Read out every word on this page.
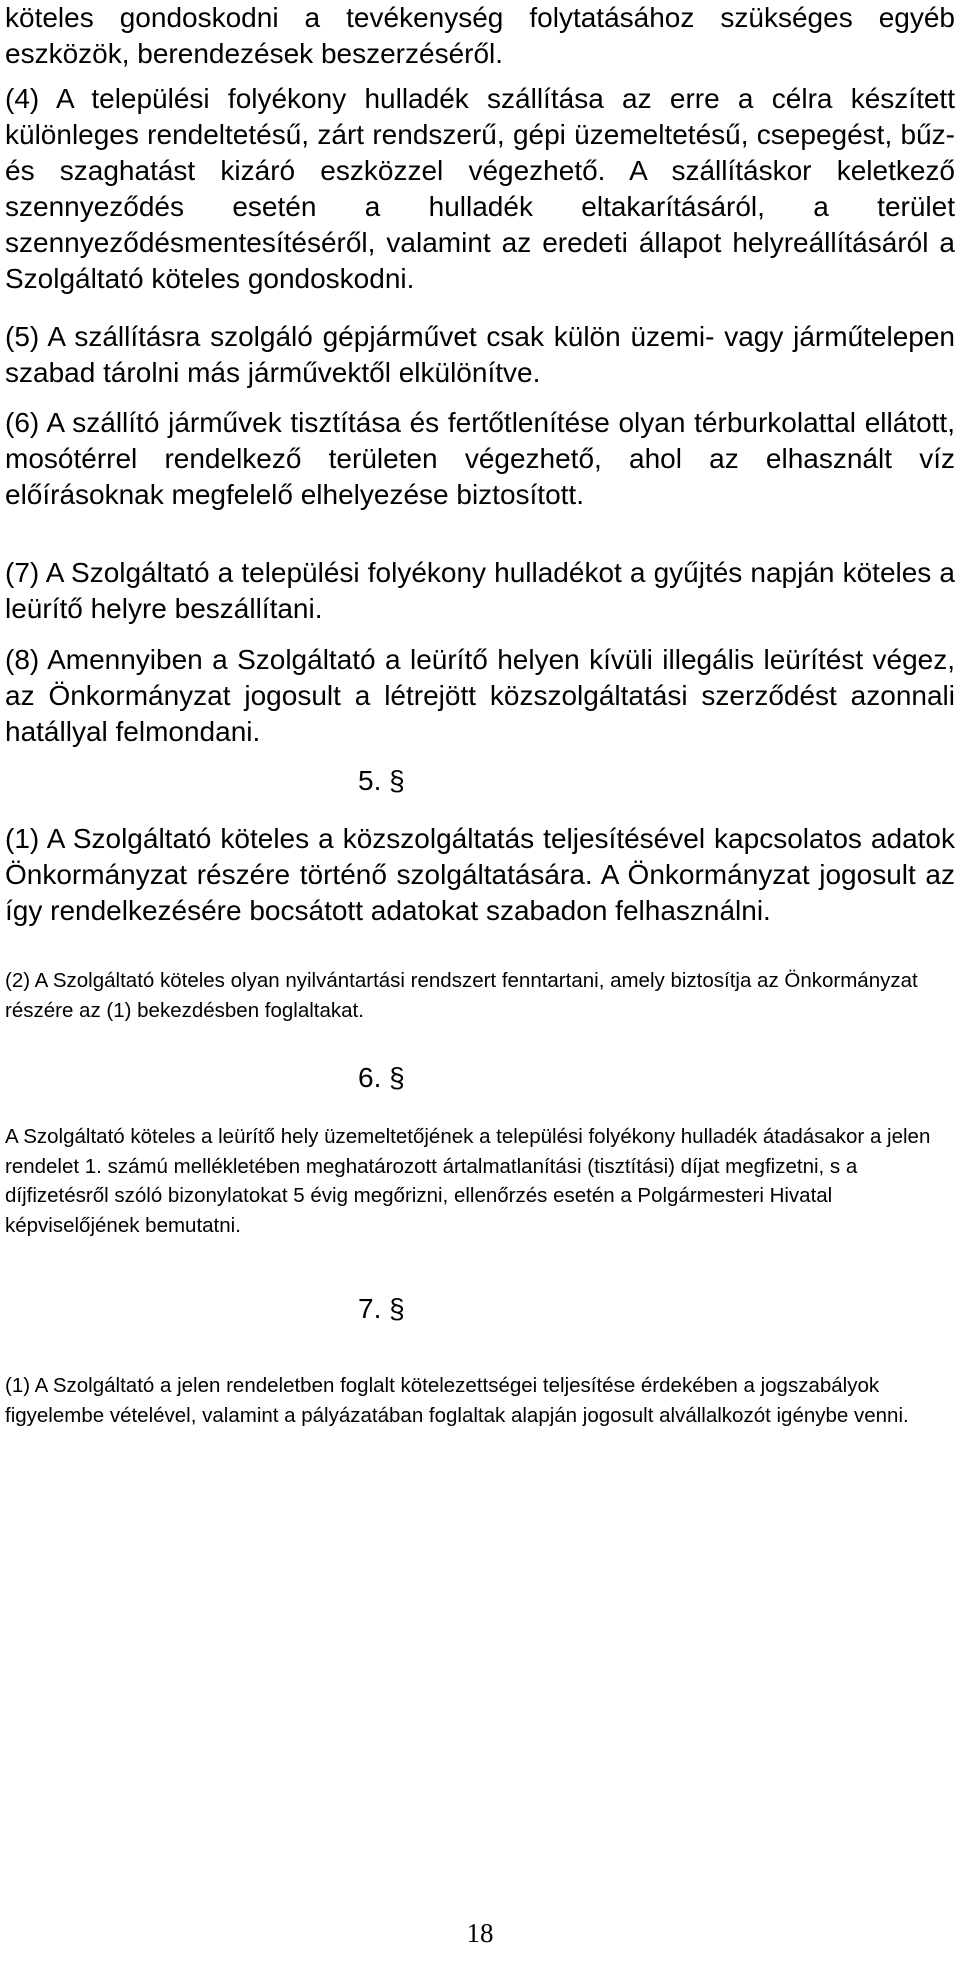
köteles gondoskodni a tevékenység folytatásához szükséges egyéb eszközök, berendezések beszerzéséről.

(4) A települési folyékony hulladék szállítása az erre a célra készített különleges rendeltetésű, zárt rendszerű, gépi üzemeltetésű, csepegést, bűz- és szaghatást kizáró eszközzel végezhető. A szállításkor keletkező szennyeződés esetén a hulladék eltakarításáról, a terület szennyeződésmentesítéséről, valamint az eredeti állapot helyreállításáról a Szolgáltató köteles gondoskodni.

(5) A szállításra szolgáló gépjárművet csak külön üzemi- vagy járműtelepen szabad tárolni más járművektől elkülönítve.

(6) A szállító járművek tisztítása és fertőtlenítése olyan térburkolattal ellátott, mosótérrel rendelkező területen végezhető, ahol az elhasznált víz előírásoknak megfelelő elhelyezése biztosított.

(7) A Szolgáltató a települési folyékony hulladékot a gyűjtés napján köteles a leürítő helyre beszállítani.

(8) Amennyiben a Szolgáltató a leürítő helyen kívüli illegális leürítést végez, az Önkormányzat jogosult a létrejött közszolgáltatási szerződést azonnali hatállyal felmondani.

5. §

(1) A Szolgáltató köteles a közszolgáltatás teljesítésével kapcsolatos adatok Önkormányzat részére történő szolgáltatására. A Önkormányzat jogosult az így rendelkezésére bocsátott adatokat szabadon felhasználni.

(2) A Szolgáltató köteles olyan nyilvántartási rendszert fenntartani, amely biztosítja az Önkormányzat részére az (1) bekezdésben foglaltakat.

6. §

A Szolgáltató köteles a leürítő hely üzemeltetőjének a települési folyékony hulladék átadásakor a jelen rendelet 1. számú mellékletében meghatározott ártalmatlanítási (tisztítási) díjat megfizetni, s a díjfizetésről szóló bizonylatokat 5 évig megőrizni, ellenőrzés esetén a Polgármesteri Hivatal képviselőjének bemutatni.

7. §

(1) A Szolgáltató a jelen rendeletben foglalt kötelezettségei teljesítése érdekében a jogszabályok figyelembe vételével, valamint a pályázatában foglaltak alapján jogosult alvállalkozót igénybe venni.

18
